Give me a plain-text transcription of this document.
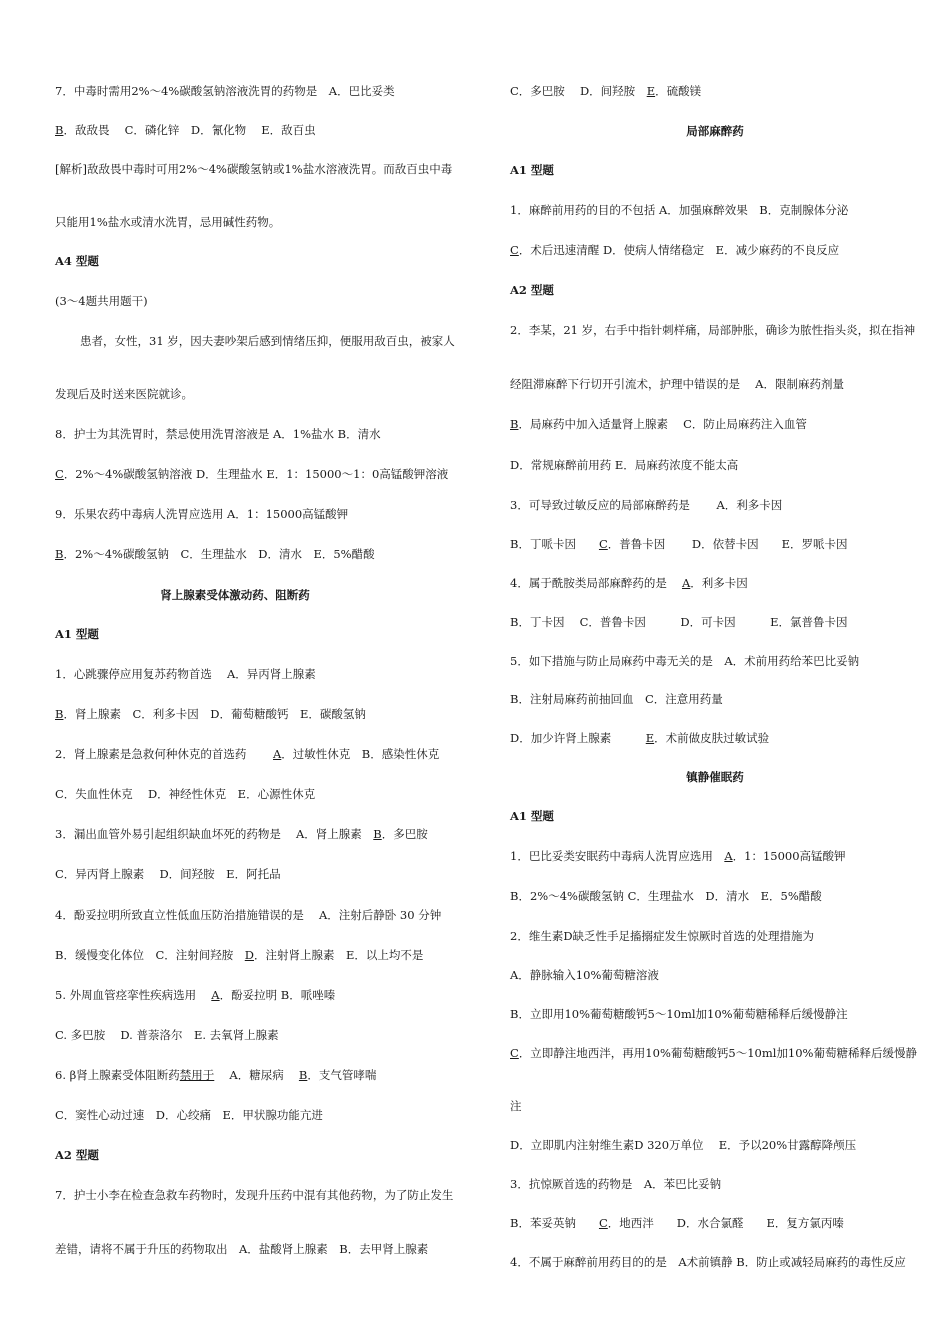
7．中毒时需用2%～4%碳酸氢钠溶液洗胃的药物是　A．巴比妥类
B．敌敌畏　 C．磷化锌　D．氰化物　 E．敌百虫
[解析]敌敌畏中毒时可用2%～4%碳酸氢钠或1%盐水溶液洗胃。而敌百虫中毒
只能用1%盐水或清水洗胃，忌用碱性药物。
A4 型题
(3～4题共用题干)
患者，女性，31 岁，因夫妻吵架后感到情绪压抑，便服用敌百虫，被家人
发现后及时送来医院就诊。
8．护士为其洗胃时，禁忌使用洗胃溶液是 A．1%盐水 B．清水
C．2%～4%碳酸氢钠溶液 D．生理盐水 E．1：15000～1：0高锰酸钾溶液
9．乐果农药中毒病人洗胃应选用 A．1：15000高锰酸钾
B．2%～4%碳酸氢钠　C．生理盐水　D．清水　E．5%醋酸
肾上腺素受体激动药、阻断药
A1 型题
1．心跳骤停应用复苏药物首选　 A．异丙肾上腺素
B．肾上腺素　C．利多卡因　D．葡萄糖酸钙　E．碳酸氢钠
2．肾上腺素是急救何种休克的首选药　　 A．过敏性休克　B．感染性休克
C．失血性休克　 D．神经性休克　E．心源性休克
3．漏出血管外易引起组织缺血坏死的药物是　 A．肾上腺素　B．多巴胺
C．异丙肾上腺素　 D．间羟胺　E．阿托品
4．酚妥拉明所致直立性低血压防治措施错误的是　 A．注射后静卧 30 分钟
B．缓慢变化体位　C．注射间羟胺　D．注射肾上腺素　E．以上均不是
5. 外周血管痉挛性疾病选用　 A．酚妥拉明 B．哌唑嗪
C. 多巴胺　 D. 普萘洛尔　E. 去氧肾上腺素
6. β肾上腺素受体阻断药禁用于　 A．糖尿病　 B．支气管哮喘
C．窦性心动过速　D．心绞痛　E．甲状腺功能亢进
A2 型题
7．护士小李在检查急救车药物时，发现升压药中混有其他药物，为了防止发生
差错，请将不属于升压的药物取出　A．盐酸肾上腺素　B．去甲肾上腺素
C．多巴胺　 D．间羟胺　E．硫酸镁
局部麻醉药
A1 型题
1．麻醉前用药的目的不包括 A．加强麻醉效果　B．克制腺体分泌
C．术后迅速清醒 D．使病人情绪稳定　E．减少麻药的不良反应
A2 型题
2．李某，21 岁，右手中指针刺样痛，局部肿胀，确诊为脓性指头炎，拟在指神
经阻滞麻醉下行切开引流术，护理中错误的是　 A．限制麻药剂量
B．局麻药中加入适量肾上腺素　 C．防止局麻药注入血管
D．常规麻醉前用药 E．局麻药浓度不能太高
3．可导致过敏反应的局部麻醉药是　　 A．利多卡因
B．丁哌卡因　　C．普鲁卡因　　 D．依替卡因　　E．罗哌卡因
4．属于酰胺类局部麻醉药的是　 A．利多卡因
B．丁卡因　 C．普鲁卡因　　　D．可卡因　　　E．氯普鲁卡因
5．如下措施与防止局麻药中毒无关的是　A．术前用药给苯巴比妥钠
B．注射局麻药前抽回血　C．注意用药量
D．加少许肾上腺素　　　E．术前做皮肤过敏试验
镇静催眠药
A1 型题
1．巴比妥类安眠药中毒病人洗胃应选用　A．1：15000高锰酸钾
B．2%～4%碳酸氢钠 C．生理盐水　D．清水　E．5%醋酸
2．维生素D缺乏性手足搐搦症发生惊厥时首选的处理措施为
A．静脉输入10%葡萄糖溶液
B．立即用10%葡萄糖酸钙5～10ml加10%葡萄糖稀释后缓慢静注
C．立即静注地西泮，再用10%葡萄糖酸钙5～10ml加10%葡萄糖稀释后缓慢静
注
D．立即肌内注射维生素D 320万单位　 E．予以20%甘露醇降颅压
3．抗惊厥首选的药物是　A．苯巴比妥钠
B．苯妥英钠　　C．地西泮　　D．水合氯醛　　E．复方氯丙嗪
4．不属于麻醉前用药目的的是　A术前镇静 B．防止或减轻局麻药的毒性反应
